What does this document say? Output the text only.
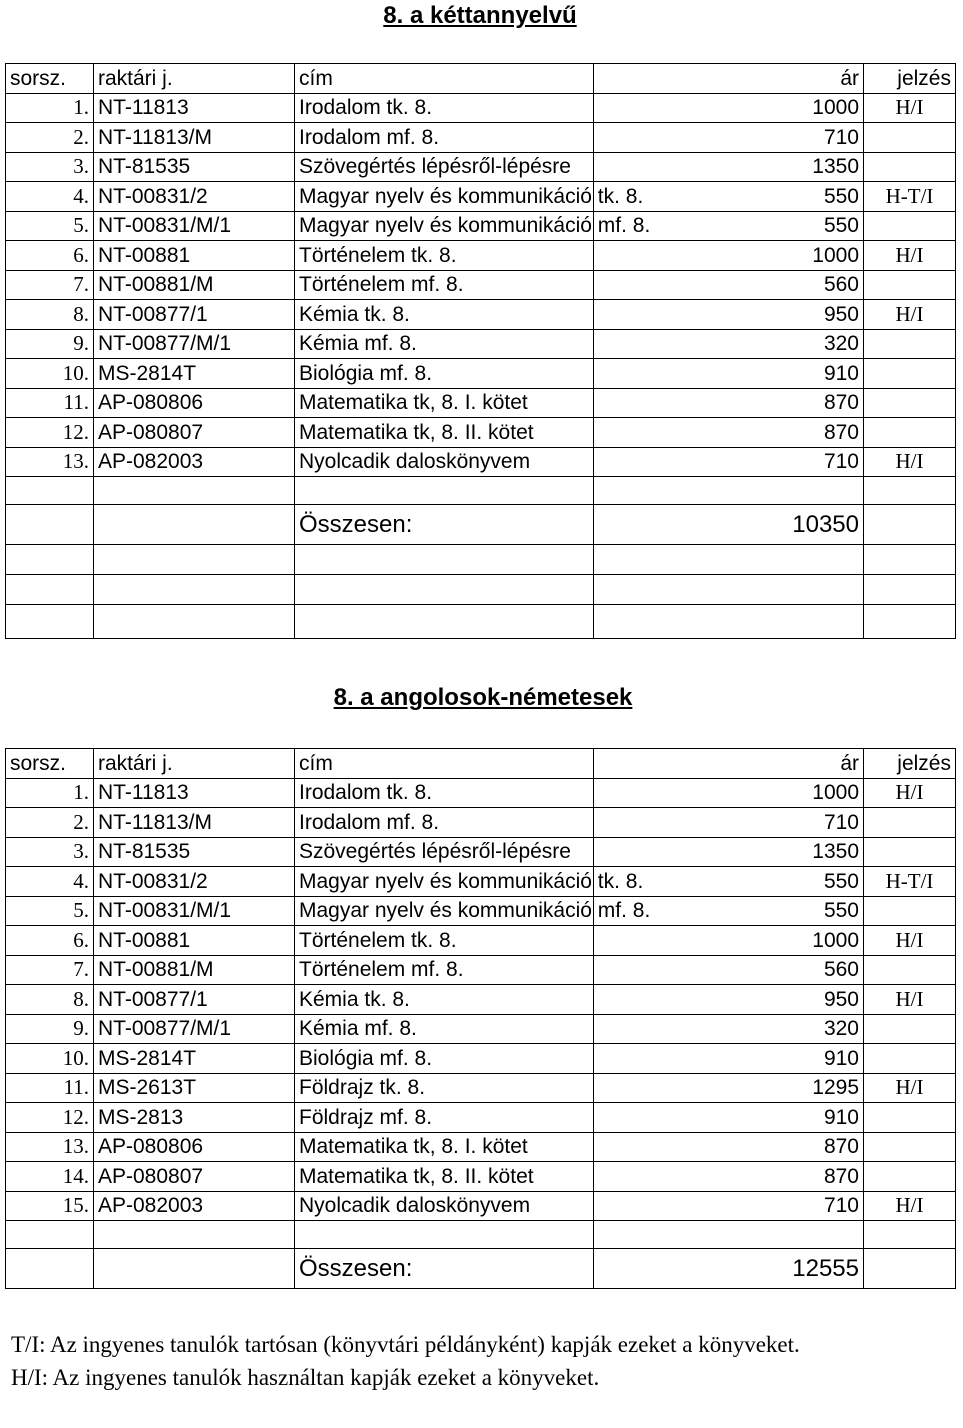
8. a kéttannyelvű
sorsz.	raktári j.	cím	ár	jelzés
1.	NT-11813	Irodalom tk. 8.	1000	H/I
2.	NT-11813/M	Irodalom mf. 8.	710	
3.	NT-81535	Szövegértés lépésről-lépésre	1350	
4.	NT-00831/2	Magyar nyelv és kommunikáció tk. 8.	550	H-T/I
5.	NT-00831/M/1	Magyar nyelv és kommunikáció mf. 8.	550	
6.	NT-00881	Történelem tk. 8.	1000	H/I
7.	NT-00881/M	Történelem mf. 8.	560	
8.	NT-00877/1	Kémia tk. 8.	950	H/I
9.	NT-00877/M/1	Kémia mf. 8.	320	
10.	MS-2814T	Biológia mf. 8.	910	
11.	AP-080806	Matematika tk, 8. I. kötet	870	
12.	AP-080807	Matematika tk, 8. II. kötet	870	
13.	AP-082003	Nyolcadik daloskönyvem	710	H/I

		Összesen:	10350	

8. a angolosok-németesek
sorsz.	raktári j.	cím	ár	jelzés
1.	NT-11813	Irodalom tk. 8.	1000	H/I
2.	NT-11813/M	Irodalom mf. 8.	710	
3.	NT-81535	Szövegértés lépésről-lépésre	1350	
4.	NT-00831/2	Magyar nyelv és kommunikáció tk. 8.	550	H-T/I
5.	NT-00831/M/1	Magyar nyelv és kommunikáció mf. 8.	550	
6.	NT-00881	Történelem tk. 8.	1000	H/I
7.	NT-00881/M	Történelem mf. 8.	560	
8.	NT-00877/1	Kémia tk. 8.	950	H/I
9.	NT-00877/M/1	Kémia mf. 8.	320	
10.	MS-2814T	Biológia mf. 8.	910	
11.	MS-2613T	Földrajz tk. 8.	1295	H/I
12.	MS-2813	Földrajz mf. 8.	910	
13.	AP-080806	Matematika tk, 8. I. kötet	870	
14.	AP-080807	Matematika tk, 8. II. kötet	870	
15.	AP-082003	Nyolcadik daloskönyvem	710	H/I

		Összesen:	12555	

T/I: Az ingyenes tanulók tartósan (könyvtári példányként) kapják ezeket a könyveket.

H/I: Az ingyenes tanulók használtan kapják ezeket a könyveket.
